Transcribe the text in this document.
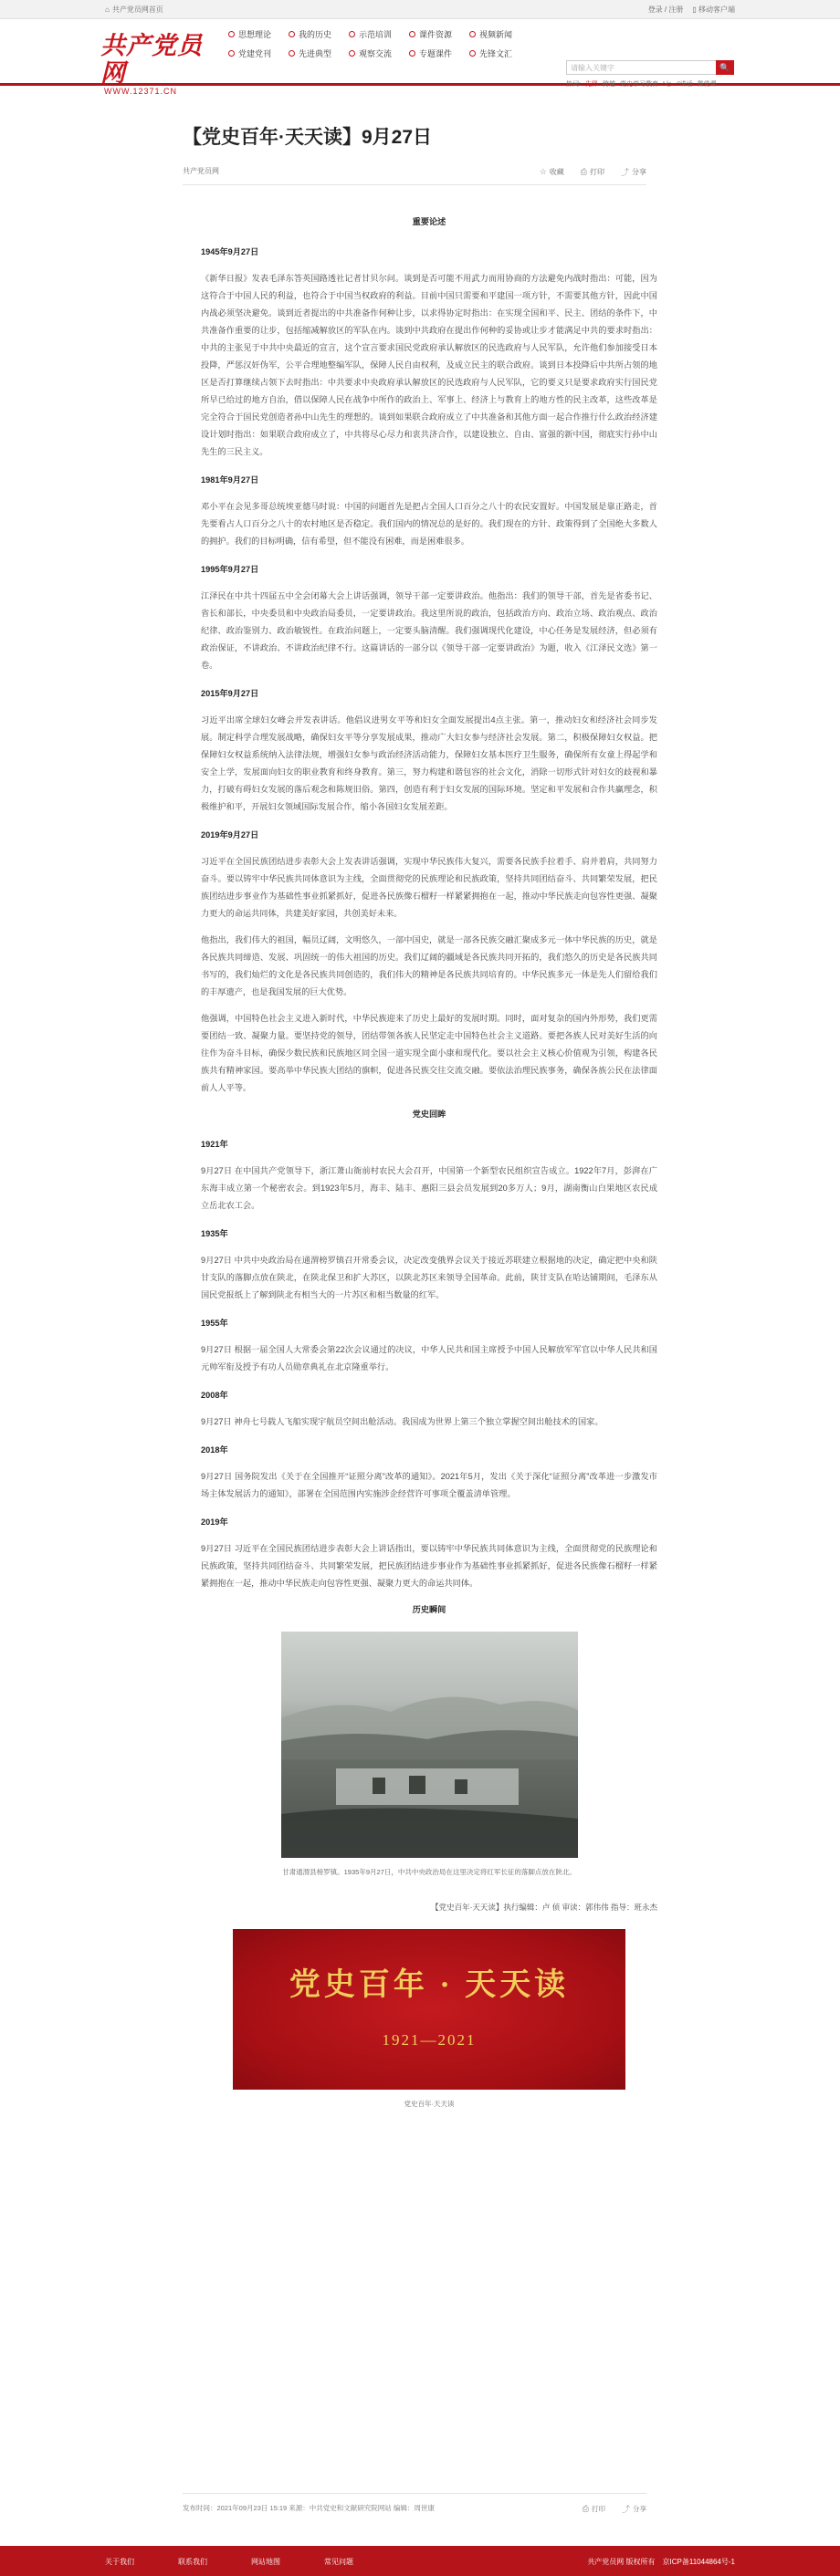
⌂ 共产党员网首页	登录 / 注册 ▯ 移动客户端
共产党员网
WWW.12371.CN
思想理论	我的历史	示范培训	课件资源	视频新闻
党建党刊	先进典型	观察交流	专题课件	先锋文汇
请输入关键字	🔍
热词: 先锋 跨越 党史学习教育 “七一”讲话 微党课
【党史百年·天天读】9月27日
共产党员网	☆ 收藏 ⎙ 打印 ⤴ 分享

重要论述

1945年9月27日

《新华日报》发表毛泽东答英国路透社记者甘贝尔问。谈到是否可能不用武力而用协商的方法避免内战时指出：可能，因为这符合于中国人民的利益，也符合于中国当权政府的利益。目前中国只需要和平建国一项方针，不需要其他方针，因此中国内战必须坚决避免。谈到近者提出的中共准备作何种让步，以求得协定时指出：在实现全国和平、民主、团结的条件下，中共准备作重要的让步，包括缩减解放区的军队在内。谈到中共政府在提出作何种的妥协或让步才能满足中共的要求时指出：中共的主张见于中共中央最近的宣言，这个宣言要求国民党政府承认解放区的民选政府与人民军队，允许他们参加接受日本投降，严惩汉奸伪军，公平合理地整编军队，保障人民自由权利，及成立民主的联合政府。谈到日本投降后中共所占领的地区是否打算继续占领下去时指出：中共要求中央政府承认解放区的民选政府与人民军队，它的要义只是要求政府实行国民党所早已给过的地方自治，借以保障人民在战争中所作的政治上、军事上、经济上与教育上的地方性的民主改革，这些改革是完全符合于国民党创造者孙中山先生的理想的。谈到如果联合政府成立了中共准备和其他方面一起合作推行什么政治经济建设计划时指出：如果联合政府成立了，中共将尽心尽力和衷共济合作，以建设独立、自由、富强的新中国，彻底实行孙中山先生的三民主义。

1981年9月27日

邓小平在会见多哥总统埃亚德马时说：中国的问题首先是把占全国人口百分之八十的农民安置好。中国发展是靠正路走，首先要看占人口百分之八十的农村地区是否稳定。我们国内的情况总的是好的。我们现在的方针、政策得到了全国绝大多数人的拥护。我们的目标明确，信有希望，但不能没有困难，而是困难很多。

1995年9月27日

江泽民在中共十四届五中全会闭幕大会上讲话强调，领导干部一定要讲政治。他指出：我们的领导干部，首先是省委书记、省长和部长，中央委员和中央政治局委员，一定要讲政治。我这里所说的政治，包括政治方向、政治立场、政治观点、政治纪律、政治鉴别力、政治敏锐性。在政治问题上，一定要头脑清醒。我们强调现代化建设，中心任务是发展经济，但必须有政治保证，不讲政治、不讲政治纪律不行。这篇讲话的一部分以《领导干部一定要讲政治》为题，收入《江泽民文选》第一卷。

2015年9月27日

习近平出席全球妇女峰会并发表讲话。他倡议进男女平等和妇女全面发展提出4点主张。第一，推动妇女和经济社会同步发展。制定科学合理发展战略，确保妇女平等分享发展成果，推动广大妇女参与经济社会发展。第二，积极保障妇女权益。把保障妇女权益系统纳入法律法规，增强妇女参与政治经济活动能力，保障妇女基本医疗卫生服务，确保所有女童上得起学和安全上学，发展面向妇女的职业教育和终身教育。第三，努力构建和谐包容的社会文化，消除一切形式针对妇女的歧视和暴力，打破有碍妇女发展的落后观念和陈规旧俗。第四，创造有利于妇女发展的国际环境。坚定和平发展和合作共赢理念，积极维护和平，开展妇女领域国际发展合作，缩小各国妇女发展差距。

2019年9月27日

习近平在全国民族团结进步表彰大会上发表讲话强调，实现中华民族伟大复兴，需要各民族手拉着手、肩并着肩，共同努力奋斗。要以铸牢中华民族共同体意识为主线，全面贯彻党的民族理论和民族政策，坚持共同团结奋斗、共同繁荣发展，把民族团结进步事业作为基础性事业抓紧抓好，促进各民族像石榴籽一样紧紧拥抱在一起，推动中华民族走向包容性更强、凝聚力更大的命运共同体，共建美好家园，共创美好未来。

他指出，我们伟大的祖国，幅员辽阔，文明悠久，一部中国史，就是一部各民族交融汇聚成多元一体中华民族的历史，就是各民族共同缔造、发展、巩固统一的伟大祖国的历史。我们辽阔的疆域是各民族共同开拓的，我们悠久的历史是各民族共同书写的，我们灿烂的文化是各民族共同创造的，我们伟大的精神是各民族共同培育的。中华民族多元一体是先人们留给我们的丰厚遗产，也是我国发展的巨大优势。

他强调，中国特色社会主义进入新时代，中华民族迎来了历史上最好的发展时期。同时，面对复杂的国内外形势，我们更需要团结一致、凝聚力量。要坚持党的领导，团结带领各族人民坚定走中国特色社会主义道路。要把各族人民对美好生活的向往作为奋斗目标，确保少数民族和民族地区同全国一道实现全面小康和现代化。要以社会主义核心价值观为引领，构建各民族共有精神家园。要高举中华民族大团结的旗帜，促进各民族交往交流交融。要依法治理民族事务，确保各族公民在法律面前人人平等。

党史回眸

1921年

9月27日 在中国共产党领导下，浙江萧山衙前村农民大会召开，中国第一个新型农民组织宣告成立。1922年7月，彭湃在广东海丰成立第一个秘密农会。到1923年5月，海丰、陆丰、惠阳三县会员发展到20多万人；9月，湖南衡山白果地区农民成立岳北农工会。

1935年

9月27日 中共中央政治局在通渭榜罗镇召开常委会议，决定改变俄界会议关于接近苏联建立根据地的决定，确定把中央和陕甘支队的落脚点放在陕北，在陕北保卫和扩大苏区，以陕北苏区来领导全国革命。此前，陕甘支队在哈达铺期间，毛泽东从国民党报纸上了解到陕北有相当大的一片苏区和相当数量的红军。

1955年

9月27日 根据一届全国人大常委会第22次会议通过的决议，中华人民共和国主席授予中国人民解放军军官以中华人民共和国元帅军衔及授予有功人员勋章典礼在北京隆重举行。

2008年

9月27日 神舟七号载人飞船实现宇航员空间出舱活动。我国成为世界上第三个独立掌握空间出舱技术的国家。

2018年

9月27日 国务院发出《关于在全国推开“证照分离”改革的通知》。2021年5月，发出《关于深化“证照分离”改革进一步激发市场主体发展活力的通知》，部署在全国范围内实施涉企经营许可事项全覆盖清单管理。

2019年

9月27日 习近平在全国民族团结进步表彰大会上讲话指出，要以铸牢中华民族共同体意识为主线，全面贯彻党的民族理论和民族政策，坚持共同团结奋斗、共同繁荣发展，把民族团结进步事业作为基础性事业抓紧抓好，促进各民族像石榴籽一样紧紧拥抱在一起，推动中华民族走向包容性更强、凝聚力更大的命运共同体。

历史瞬间

甘肃通渭县榜罗镇。1935年9月27日，中共中央政治局在这里决定将红军长征的落脚点放在陕北。
【党史百年·天天读】执行编辑：卢 侦 审读：郭伟伟 指导：班永杰
党史百年 · 天天读
1921—2021
党史百年·天天读
发布时间：2021年09月23日 15:19 来源：中共党史和文献研究院网站 编辑：周世康	⎙ 打印 ⤴ 分享
关于我们	联系我们	网站地图	常见问题	共产党员网 版权所有 京ICP备11044864号-1
